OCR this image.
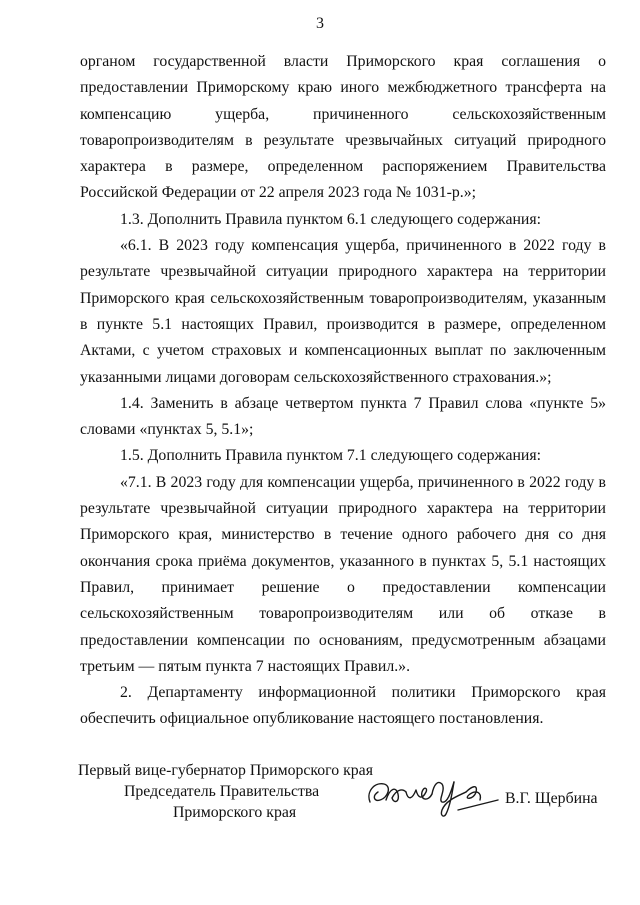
3

органом государственной власти Приморского края соглашения о предоставлении Приморскому краю иного межбюджетного трансферта на компенсацию ущерба, причиненного сельскохозяйственным товаропроизводителям в результате чрезвычайных ситуаций природного характера в размере, определенном распоряжением Правительства Российской Федерации от 22 апреля 2023 года № 1031-р.»;

1.3. Дополнить Правила пунктом 6.1 следующего содержания:

«6.1. В 2023 году компенсация ущерба, причиненного в 2022 году в результате чрезвычайной ситуации природного характера на территории Приморского края сельскохозяйственным товаропроизводителям, указанным в пункте 5.1 настоящих Правил, производится в размере, определенном Актами, с учетом страховых и компенсационных выплат по заключенным указанными лицами договорам сельскохозяйственного страхования.»;

1.4. Заменить в абзаце четвертом пункта 7 Правил слова «пункте 5» словами «пунктах 5, 5.1»;

1.5. Дополнить Правила пунктом 7.1 следующего содержания:

«7.1. В 2023 году для компенсации ущерба, причиненного в 2022 году в результате чрезвычайной ситуации природного характера на территории Приморского края, министерство в течение одного рабочего дня со дня окончания срока приёма документов, указанного в пунктах 5, 5.1 настоящих Правил, принимает решение о предоставлении компенсации сельскохозяйственным товаропроизводителям или об отказе в предоставлении компенсации по основаниям, предусмотренным абзацами третьим — пятым пункта 7 настоящих Правил.».

2. Департаменту информационной политики Приморского края обеспечить официальное опубликование настоящего постановления.

Первый вице-губернатор Приморского края
Председатель Правительства
Приморского края
В.Г. Щербина
